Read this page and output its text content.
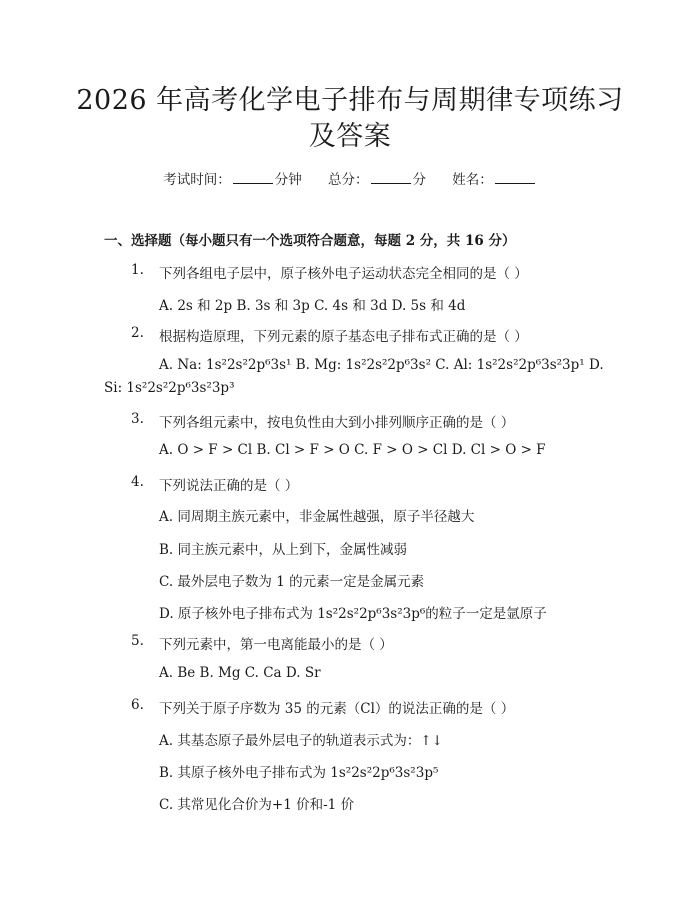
2026 年高考化学电子排布与周期律专项练习
及答案
考试时间：	分钟 总分：	分 姓名：
一、选择题（每小题只有一个选项符合题意，每题 2 分，共 16 分）
1. 下列各组电子层中，原子核外电子运动状态完全相同的是（ ）
A. 2s 和 2p B. 3s 和 3p C. 4s 和 3d D. 5s 和 4d
2. 根据构造原理，下列元素的原子基态电子排布式正确的是（ ）
A. Na: 1s²2s²2p⁶3s¹ B. Mg: 1s²2s²2p⁶3s² C. Al: 1s²2s²2p⁶3s²3p¹ D.
Si: 1s²2s²2p⁶3s²3p³
3. 下列各组元素中，按电负性由大到小排列顺序正确的是（ ）
A. O > F > Cl B. Cl > F > O C. F > O > Cl D. Cl > O > F
4. 下列说法正确的是（ ）
A. 同周期主族元素中，非金属性越强，原子半径越大
B. 同主族元素中，从上到下，金属性减弱
C. 最外层电子数为 1 的元素一定是金属元素
D. 原子核外电子排布式为 1s²2s²2p⁶3s²3p⁶的粒子一定是氩原子
5. 下列元素中，第一电离能最小的是（ ）
A. Be B. Mg C. Ca D. Sr
6. 下列关于原子序数为 35 的元素（Cl）的说法正确的是（ ）
A. 其基态原子最外层电子的轨道表示式为：↑↓
B. 其原子核外电子排布式为 1s²2s²2p⁶3s²3p⁵
C. 其常见化合价为+1 价和-1 价
